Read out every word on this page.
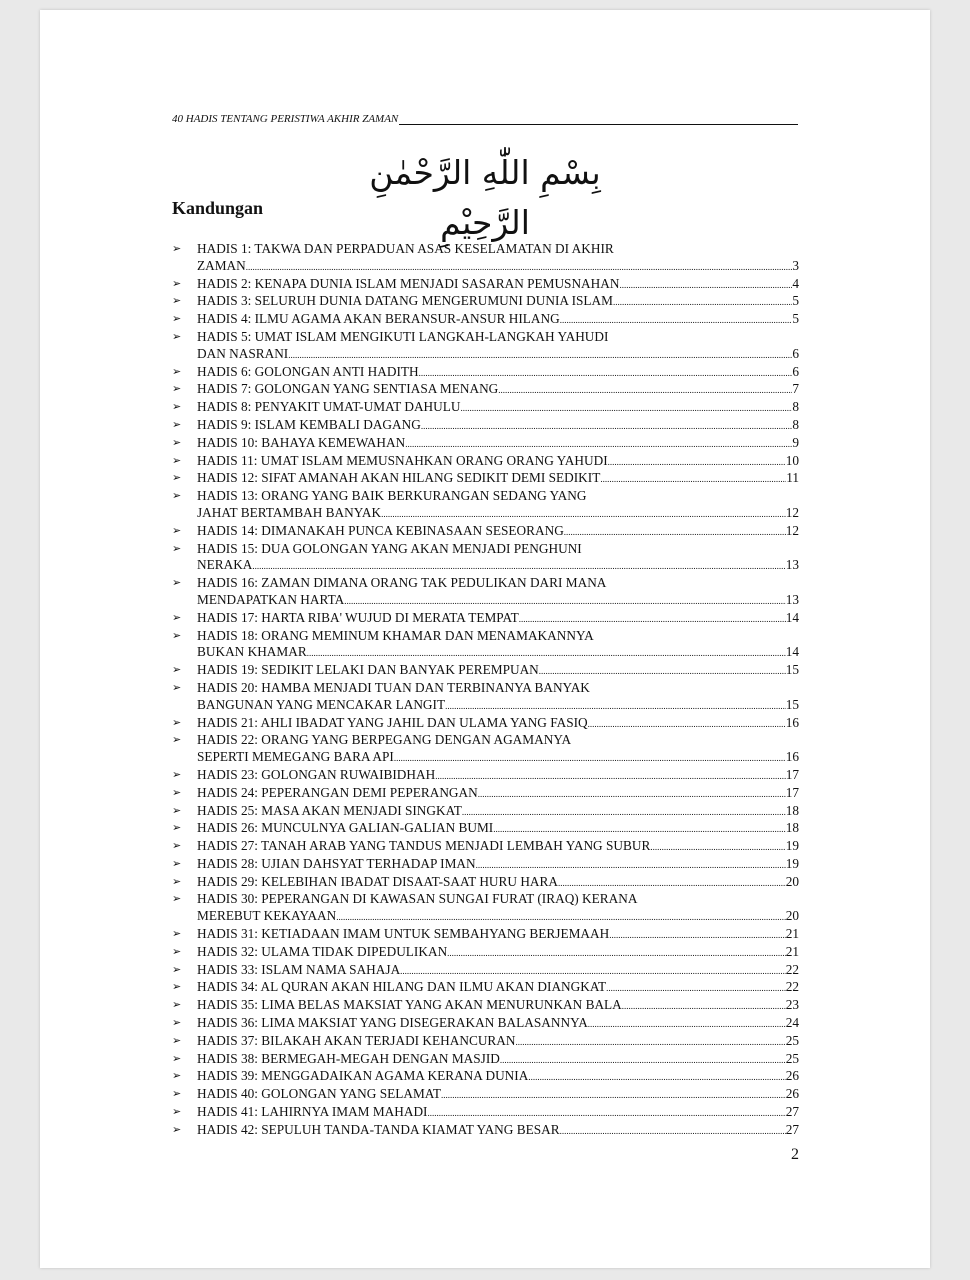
40 HADIS TENTANG PERISTIWA AKHIR ZAMAN
بِسْمِ اللّٰهِ الرَّحْمٰنِ الرَّحِيْمِ
Kandungan
➢ HADIS 1: TAKWA DAN PERPADUAN ASAS KESELAMATAN DI AKHIR
ZAMAN .....	3
➢ HADIS 2: KENAPA DUNIA ISLAM MENJADI SASARAN PEMUSNAHAN .....	4
➢ HADIS 3: SELURUH DUNIA DATANG MENGERUMUNI DUNIA ISLAM .....	5
➢ HADIS 4: ILMU AGAMA AKAN BERANSUR-ANSUR HILANG .....	5
➢ HADIS 5: UMAT ISLAM MENGIKUTI LANGKAH-LANGKAH YAHUDI
DAN NASRANI .....	6
➢ HADIS 6: GOLONGAN ANTI HADITH .....	6
➢ HADIS 7: GOLONGAN YANG SENTIASA MENANG .....	7
➢ HADIS 8: PENYAKIT UMAT-UMAT DAHULU .....	8
➢ HADIS 9: ISLAM KEMBALI DAGANG .....	8
➢ HADIS 10: BAHAYA KEMEWAHAN .....	9
➢ HADIS 11: UMAT ISLAM MEMUSNAHKAN ORANG ORANG YAHUDI .....	10
➢ HADIS 12: SIFAT AMANAH AKAN HILANG SEDIKIT DEMI SEDIKIT .....	11
➢ HADIS 13: ORANG YANG BAIK BERKURANGAN SEDANG YANG
JAHAT BERTAMBAH BANYAK .....	12
➢ HADIS 14: DIMANAKAH PUNCA KEBINASAAN SESEORANG .....	12
➢ HADIS 15: DUA GOLONGAN YANG AKAN MENJADI PENGHUNI
NERAKA .....	13
➢ HADIS 16: ZAMAN DIMANA ORANG TAK PEDULIKAN DARI MANA
MENDAPATKAN HARTA .....	13
➢ HADIS 17: HARTA RIBA' WUJUD DI MERATA TEMPAT .....	14
➢ HADIS 18: ORANG MEMINUM KHAMAR DAN MENAMAKANNYA
BUKAN KHAMAR .....	14
➢ HADIS 19: SEDIKIT LELAKI DAN BANYAK PEREMPUAN .....	15
➢ HADIS 20: HAMBA MENJADI TUAN DAN TERBINANYA BANYAK
BANGUNAN YANG MENCAKAR LANGIT .....	15
➢ HADIS 21: AHLI IBADAT YANG JAHIL DAN ULAMA YANG FASIQ .....	16
➢ HADIS 22: ORANG YANG BERPEGANG DENGAN AGAMANYA
SEPERTI MEMEGANG BARA API .....	16
➢ HADIS 23: GOLONGAN RUWAIBIDHAH .....	17
➢ HADIS 24: PEPERANGAN DEMI PEPERANGAN .....	17
➢ HADIS 25: MASA AKAN MENJADI SINGKAT .....	18
➢ HADIS 26: MUNCULNYA GALIAN-GALIAN BUMI .....	18
➢ HADIS 27: TANAH ARAB YANG TANDUS MENJADI LEMBAH YANG SUBUR .....	19
➢ HADIS 28: UJIAN DAHSYAT TERHADAP IMAN .....	19
➢ HADIS 29: KELEBIHAN IBADAT DISAAT-SAAT HURU HARA .....	20
➢ HADIS 30: PEPERANGAN DI KAWASAN SUNGAI FURAT (IRAQ) KERANA
MEREBUT KEKAYAAN .....	20
➢ HADIS 31: KETIADAAN IMAM UNTUK SEMBAHYANG BERJEMAAH .....	21
➢ HADIS 32: ULAMA TIDAK DIPEDULIKAN .....	21
➢ HADIS 33: ISLAM NAMA SAHAJA .....	22
➢ HADIS 34: AL QURAN AKAN HILANG DAN ILMU AKAN DIANGKAT .....	22
➢ HADIS 35: LIMA BELAS MAKSIAT YANG AKAN MENURUNKAN BALA .....	23
➢ HADIS 36: LIMA MAKSIAT YANG DISEGERAKAN BALASANNYA .....	24
➢ HADIS 37: BILAKAH AKAN TERJADI KEHANCURAN .....	25
➢ HADIS 38: BERMEGAH-MEGAH DENGAN MASJID .....	25
➢ HADIS 39: MENGGADAIKAN AGAMA KERANA DUNIA .....	26
➢ HADIS 40: GOLONGAN YANG SELAMAT .....	26
➢ HADIS 41: LAHIRNYA IMAM MAHADI .....	27
➢ HADIS 42: SEPULUH TANDA-TANDA KIAMAT YANG BESAR .....	27
2
